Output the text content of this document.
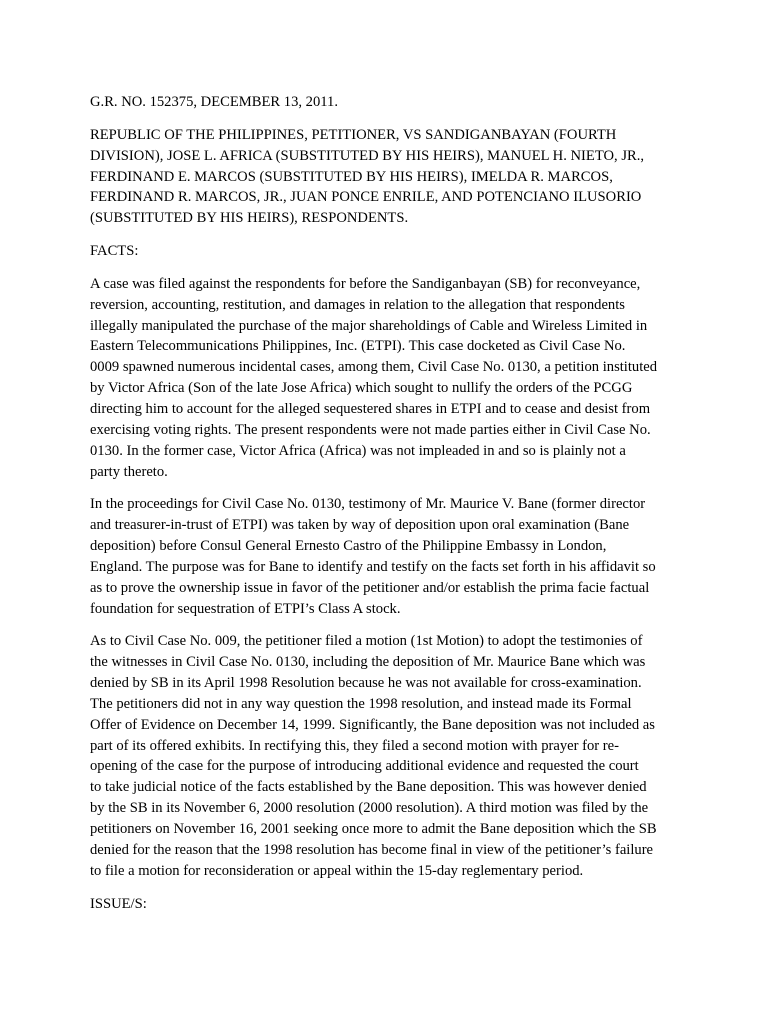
G.R. NO. 152375, DECEMBER 13, 2011.

REPUBLIC OF THE PHILIPPINES, PETITIONER, VS SANDIGANBAYAN (FOURTH
DIVISION), JOSE L. AFRICA (SUBSTITUTED BY HIS HEIRS), MANUEL H. NIETO, JR.,
FERDINAND E. MARCOS (SUBSTITUTED BY HIS HEIRS), IMELDA R. MARCOS,
FERDINAND R. MARCOS, JR., JUAN PONCE ENRILE, AND POTENCIANO ILUSORIO
(SUBSTITUTED BY HIS HEIRS), RESPONDENTS.

FACTS:

A case was filed against the respondents for before the Sandiganbayan (SB) for reconveyance,
reversion, accounting, restitution, and damages in relation to the allegation that respondents
illegally manipulated the purchase of the major shareholdings of Cable and Wireless Limited in
Eastern Telecommunications Philippines, Inc. (ETPI). This case docketed as Civil Case No.
0009 spawned numerous incidental cases, among them, Civil Case No. 0130, a petition instituted
by Victor Africa (Son of the late Jose Africa) which sought to nullify the orders of the PCGG
directing him to account for the alleged sequestered shares in ETPI and to cease and desist from
exercising voting rights. The present respondents were not made parties either in Civil Case No.
0130. In the former case, Victor Africa (Africa) was not impleaded in and so is plainly not a
party thereto.

In the proceedings for Civil Case No. 0130, testimony of Mr. Maurice V. Bane (former director
and treasurer-in-trust of ETPI) was taken by way of deposition upon oral examination (Bane
deposition) before Consul General Ernesto Castro of the Philippine Embassy in London,
England. The purpose was for Bane to identify and testify on the facts set forth in his affidavit so
as to prove the ownership issue in favor of the petitioner and/or establish the prima facie factual
foundation for sequestration of ETPI’s Class A stock.

As to Civil Case No. 009, the petitioner filed a motion (1st Motion) to adopt the testimonies of
the witnesses in Civil Case No. 0130, including the deposition of Mr. Maurice Bane which was
denied by SB in its April 1998 Resolution because he was not available for cross-examination.
The petitioners did not in any way question the 1998 resolution, and instead made its Formal
Offer of Evidence on December 14, 1999. Significantly, the Bane deposition was not included as
part of its offered exhibits. In rectifying this, they filed a second motion with prayer for re-
opening of the case for the purpose of introducing additional evidence and requested the court
to take judicial notice of the facts established by the Bane deposition. This was however denied
by the SB in its November 6, 2000 resolution (2000 resolution). A third motion was filed by the
petitioners on November 16, 2001 seeking once more to admit the Bane deposition which the SB
denied for the reason that the 1998 resolution has become final in view of the petitioner’s failure
to file a motion for reconsideration or appeal within the 15-day reglementary period.

ISSUE/S:
